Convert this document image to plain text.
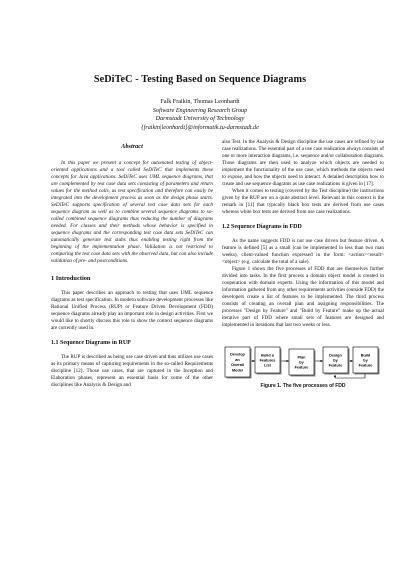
SeDiTeC - Testing Based on Sequence Diagrams
Falk Fraikin, Thomas Leonhardt
Software Engineering Research Group
Darmstadt University of Technology
{fraikin|leonhardt}@informatik.tu-darmstadt.de
Abstract

In this paper we present a concept for automated testing of object-oriented applications and a tool called SeDiTeC that implements these concepts for Java applications. SeDiTeC uses UML sequence diagrams, that are complemented by test case data sets consisting of parameters and return values for the method calls, as test specification and therefore can easily be integrated into the development process as soon as the design phase starts. SeDiTeC supports specification of several test case data sets for each sequence diagram as well as to combine several sequence diagrams to so-called combined sequence diagrams thus reducing the number of diagrams needed. For classes and their methods whose behavior is specified in sequence diagrams and the corresponding test case data sets SeDiTeC can automatically generate test stubs thus enabling testing right from the beginning of the implementation phase. Validation is not restricted to comparing the test case data sets with the observed data, but can also include validation of pre- and postconditions.

1 Introduction

This paper describes an approach to testing that uses UML sequence diagrams as test specification. In modern software development processes like Rational Unified Process (RUP) or Feature Driven Development (FDD) sequence diagrams already play an important role in design activities. First we would like to shortly discuss this role to show the context sequence diagrams are currently used in.

1.1 Sequence Diagrams in RUP

The RUP is described as being use case driven and thus utilizes use cases as its primary means of capturing requirements in the so-called Requirements discipline [12]. Those use cases, that are captured in the Inception and Elaboration phases, represent an essential basis for some of the other disciplines like Analysis & Design and

also Test. In the Analysis & Design discipline the use cases are refined by use case realizations. The essential part of a use case realization always consists of one or more interaction diagrams, i.e. sequence and/or collaboration diagrams. Those diagrams are then used to analyze which objects are needed to implement the functionality of the use case, which methods the objects need to expose, and how the objects need to interact. A detailed description how to create and use sequence diagrams as use case realizations is given in [17].

When it comes to testing (covered by the Test discipline) the instructions given by the RUP are on a quite abstract level. Relevant in this context is the remark in [11] that typically black box tests are derived from use cases whereas white box tests are derived from use case realizations.

1.2 Sequence Diagrams in FDD

As the name suggests FDD is not use case driven but feature driven. A feature is defined [5] as a small (can be implemented in less than two man weeks), client-valued function expressed in the form: <action><result><object> (e.g. calculate the total of a sale).

Figure 1 shows the five processes of FDD that are themselves further divided into tasks. In the first process a domain object model is created in cooperation with domain experts. Using the information of this model and information gathered from any other requirements activities (outside FDD) the developers create a list of features to be implemented. The third process consists of creating an overall plan and assigning responsibilities. The processes "Design by Feature" and "Build by Feature" make up the actual iterative part of FDD where small sets of features are designed and implemented in iterations that last two weeks or less.

Develop
an
Overall
Model
Build a
Features
List
Plan
by
Feature
Design
by
Feature
Build
by
Feature
Figure 1. The five processes of FDD
